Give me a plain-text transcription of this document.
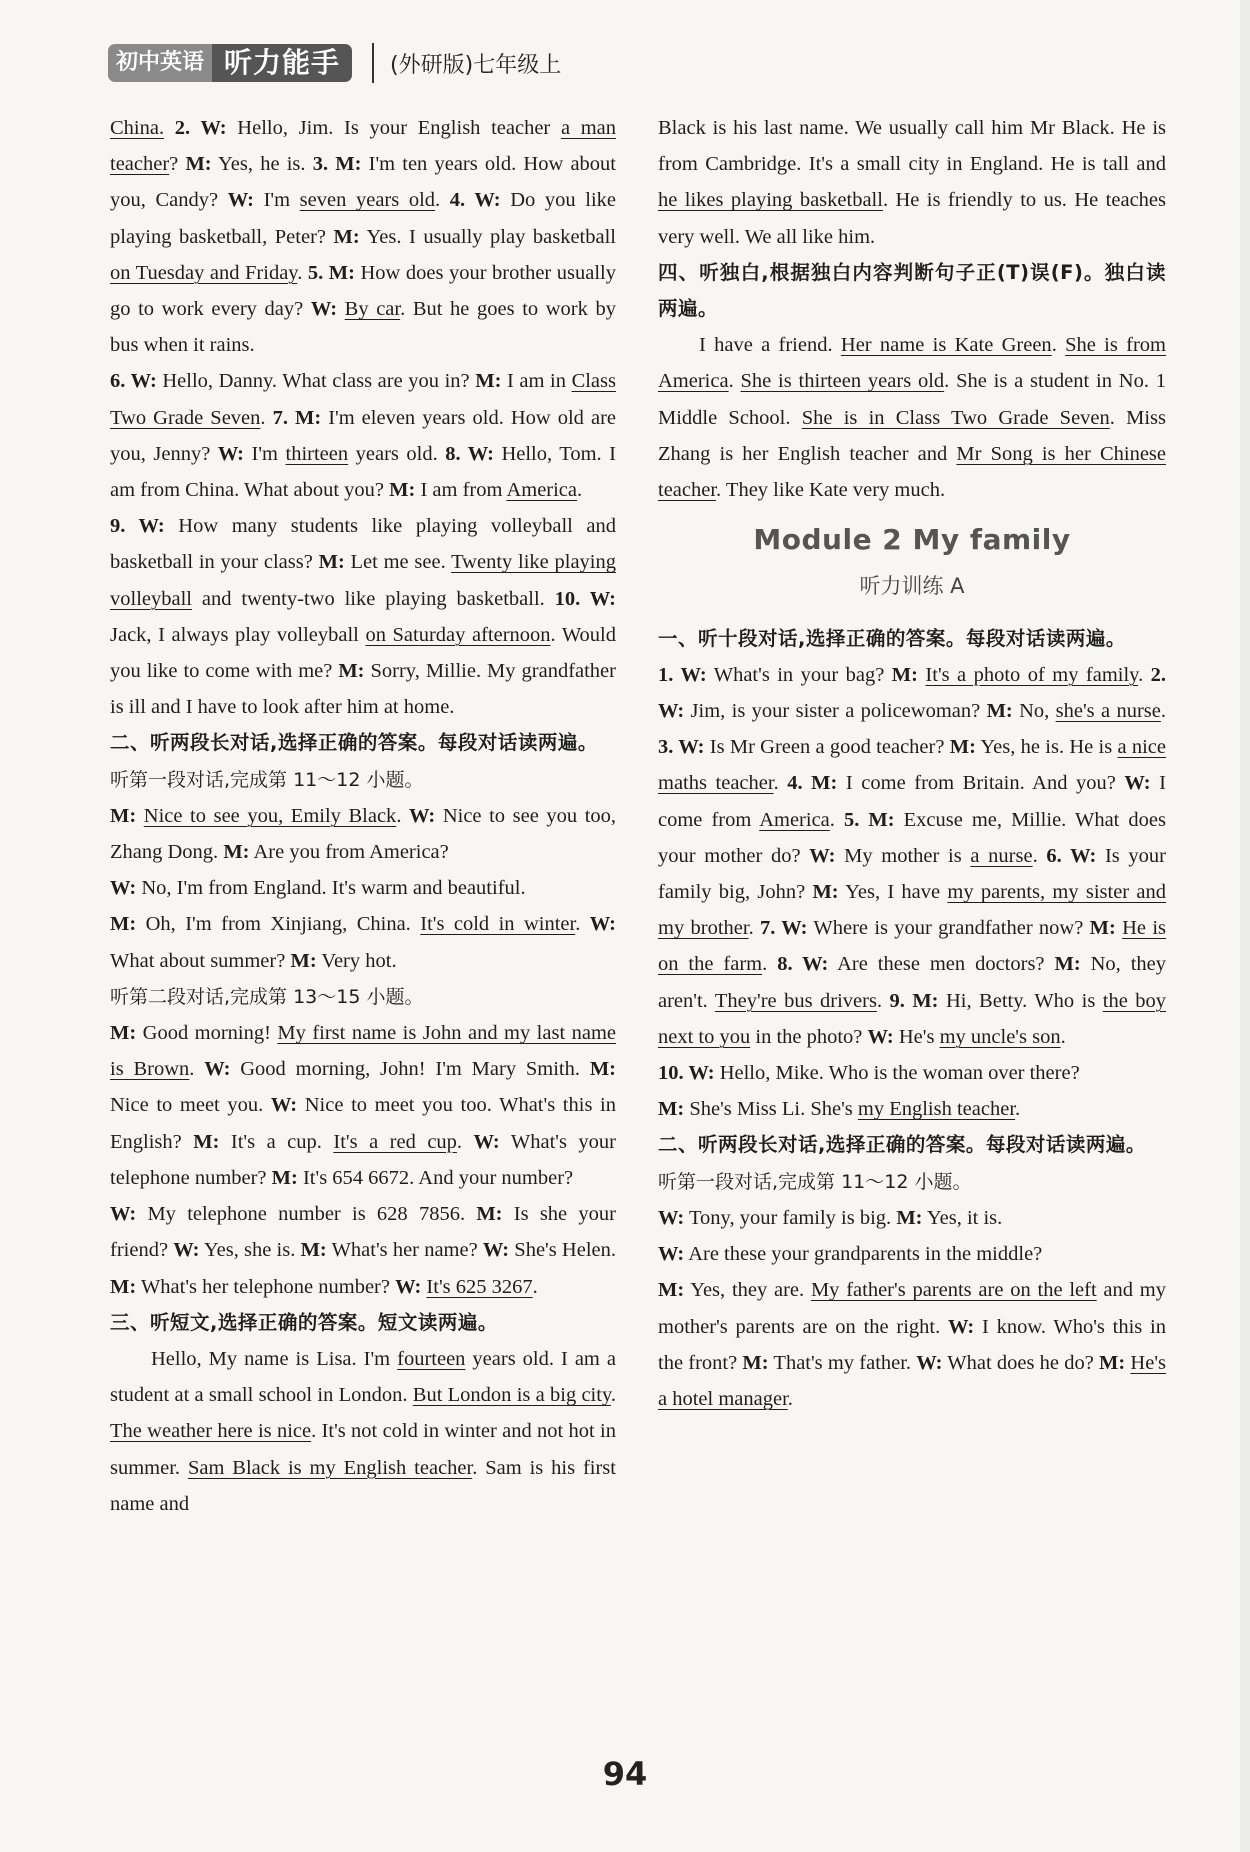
初中英语 听力能手	(外研版)七年级上

China. 2. W: Hello, Jim. Is your English teacher a man teacher? M: Yes, he is. 3. M: I'm ten years old. How about you, Candy? W: I'm seven years old. 4. W: Do you like playing basketball, Peter? M: Yes. I usually play basketball on Tuesday and Friday. 5. M: How does your brother usually go to work every day? W: By car. But he goes to work by bus when it rains.

6. W: Hello, Danny. What class are you in? M: I am in Class Two Grade Seven. 7. M: I'm eleven years old. How old are you, Jenny? W: I'm thirteen years old. 8. W: Hello, Tom. I am from China. What about you? M: I am from America.

9. W: How many students like playing volleyball and basketball in your class? M: Let me see. Twenty like playing volleyball and twenty-two like playing basketball. 10. W: Jack, I always play volleyball on Saturday afternoon. Would you like to come with me? M: Sorry, Millie. My grandfather is ill and I have to look after him at home.

二、听两段长对话,选择正确的答案。每段对话读两遍。

听第一段对话,完成第 11～12 小题。

M: Nice to see you, Emily Black. W: Nice to see you too, Zhang Dong. M: Are you from America?

W: No, I'm from England. It's warm and beautiful.

M: Oh, I'm from Xinjiang, China. It's cold in winter. W: What about summer? M: Very hot.

听第二段对话,完成第 13～15 小题。

M: Good morning! My first name is John and my last name is Brown. W: Good morning, John! I'm Mary Smith. M: Nice to meet you. W: Nice to meet you too. What's this in English? M: It's a cup. It's a red cup. W: What's your telephone number? M: It's 654 6672. And your number?

W: My telephone number is 628 7856. M: Is she your friend? W: Yes, she is. M: What's her name? W: She's Helen. M: What's her telephone number? W: It's 625 3267.

三、听短文,选择正确的答案。短文读两遍。

Hello, My name is Lisa. I'm fourteen years old. I am a student at a small school in London. But London is a big city. The weather here is nice. It's not cold in winter and not hot in summer. Sam Black is my English teacher. Sam is his first name and

Black is his last name. We usually call him Mr Black. He is from Cambridge. It's a small city in England. He is tall and he likes playing basketball. He is friendly to us. He teaches very well. We all like him.

四、听独白,根据独白内容判断句子正(T)误(F)。独白读两遍。

I have a friend. Her name is Kate Green. She is from America. She is thirteen years old. She is a student in No. 1 Middle School. She is in Class Two Grade Seven. Miss Zhang is her English teacher and Mr Song is her Chinese teacher. They like Kate very much.

Module 2 My family

听力训练 A

一、听十段对话,选择正确的答案。每段对话读两遍。

1. W: What's in your bag? M: It's a photo of my family. 2. W: Jim, is your sister a policewoman? M: No, she's a nurse. 3. W: Is Mr Green a good teacher? M: Yes, he is. He is a nice maths teacher. 4. M: I come from Britain. And you? W: I come from America. 5. M: Excuse me, Millie. What does your mother do? W: My mother is a nurse. 6. W: Is your family big, John? M: Yes, I have my parents, my sister and my brother. 7. W: Where is your grandfather now? M: He is on the farm. 8. W: Are these men doctors? M: No, they aren't. They're bus drivers. 9. M: Hi, Betty. Who is the boy next to you in the photo? W: He's my uncle's son.

10. W: Hello, Mike. Who is the woman over there?

M: She's Miss Li. She's my English teacher.

二、听两段长对话,选择正确的答案。每段对话读两遍。

听第一段对话,完成第 11～12 小题。

W: Tony, your family is big. M: Yes, it is.

W: Are these your grandparents in the middle?

M: Yes, they are. My father's parents are on the left and my mother's parents are on the right. W: I know. Who's this in the front? M: That's my father. W: What does he do? M: He's a hotel manager.

94
